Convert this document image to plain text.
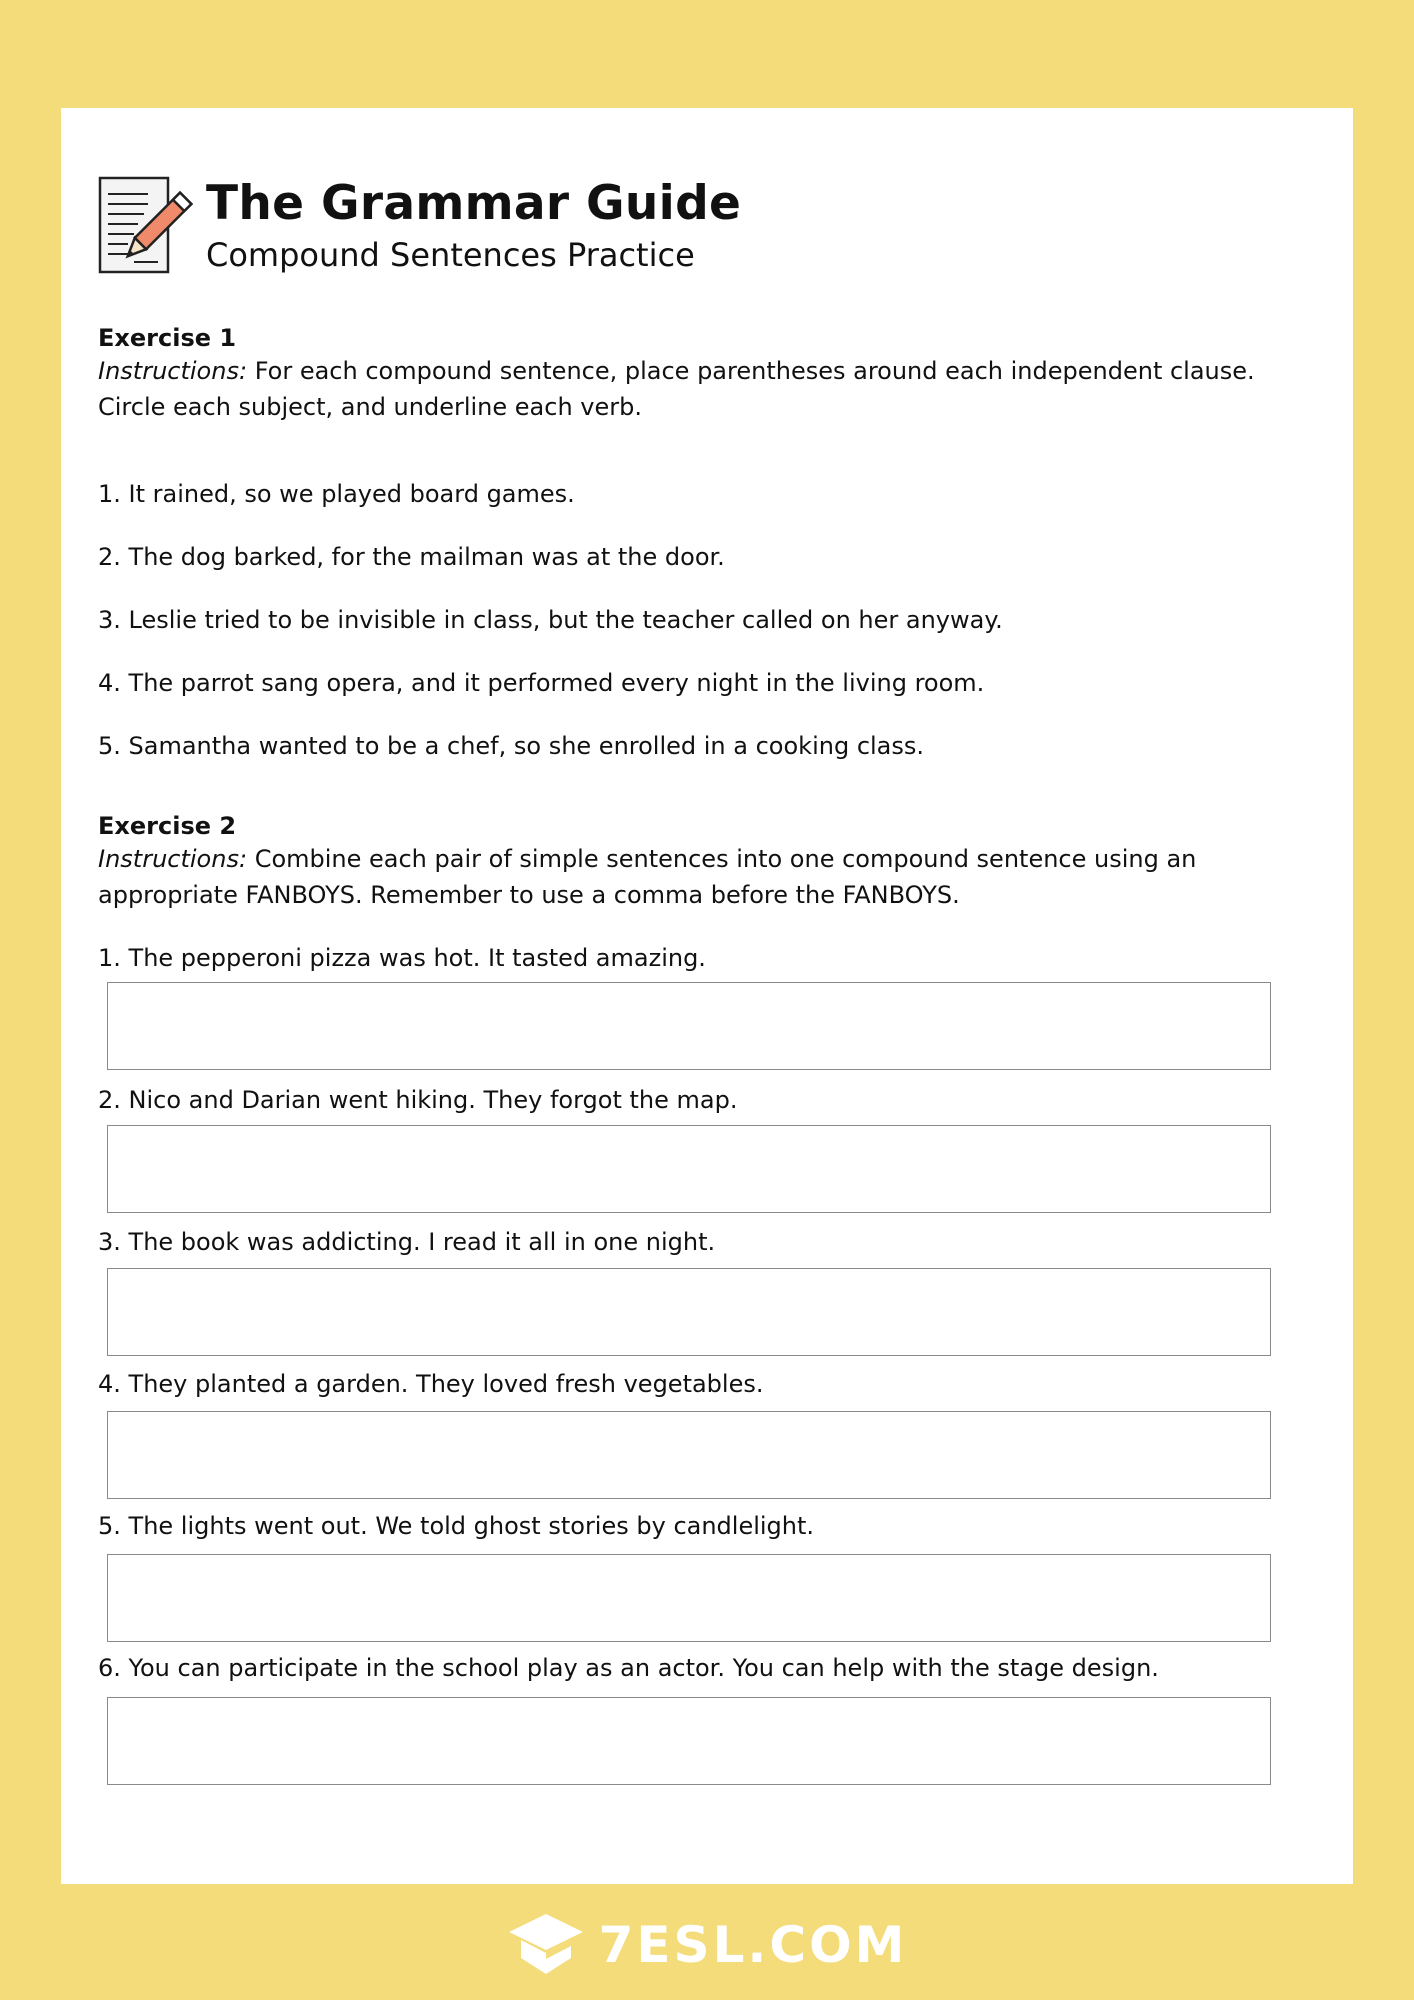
The Grammar Guide
Compound Sentences Practice
Exercise 1
Instructions: For each compound sentence, place parentheses around each independent clause. Circle each subject, and underline each verb.
1. It rained, so we played board games.
2. The dog barked, for the mailman was at the door.
3. Leslie tried to be invisible in class, but the teacher called on her anyway.
4. The parrot sang opera, and it performed every night in the living room.
5. Samantha wanted to be a chef, so she enrolled in a cooking class.
Exercise 2
Instructions: Combine each pair of simple sentences into one compound sentence using an appropriate FANBOYS. Remember to use a comma before the FANBOYS.
1. The pepperoni pizza was hot. It tasted amazing.
2. Nico and Darian went hiking. They forgot the map.
3. The book was addicting. I read it all in one night.
4. They planted a garden. They loved fresh vegetables.
5. The lights went out. We told ghost stories by candlelight.
6. You can participate in the school play as an actor. You can help with the stage design.
7ESL.COM
